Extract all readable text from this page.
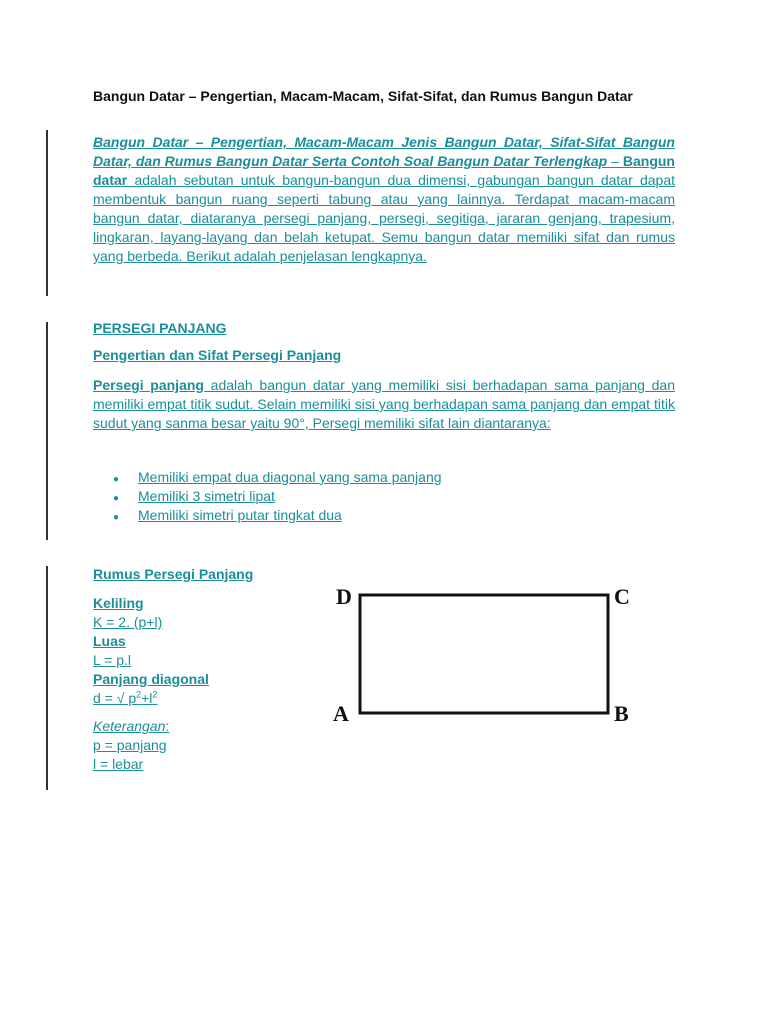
Bangun Datar – Pengertian, Macam-Macam, Sifat-Sifat, dan Rumus Bangun Datar
Bangun Datar – Pengertian, Macam-Macam Jenis Bangun Datar, Sifat-Sifat Bangun Datar, dan Rumus Bangun Datar Serta Contoh Soal Bangun Datar Terlengkap – Bangun datar adalah sebutan untuk bangun-bangun dua dimensi, gabungan bangun datar dapat membentuk bangun ruang seperti tabung atau yang lainnya. Terdapat macam-macam bangun datar, diataranya persegi panjang, persegi, segitiga, jararan genjang, trapesium, lingkaran, layang-layang dan belah ketupat. Semu bangun datar memiliki sifat dan rumus yang berbeda. Berikut adalah penjelasan lengkapnya.
PERSEGI PANJANG
Pengertian dan Sifat Persegi Panjang
Persegi panjang adalah bangun datar yang memiliki sisi berhadapan sama panjang dan memiliki empat titik sudut. Selain memiliki sisi yang berhadapan sama panjang dan empat titik sudut yang sanma besar yaitu 90°, Persegi memiliki sifat lain diantaranya:
● Memiliki empat dua diagonal yang sama panjang
● Memiliki 3 simetri lipat
● Memiliki simetri putar tingkat dua
Rumus Persegi Panjang
Keliling
K = 2. (p+l)
Luas
L = p.l
Panjang diagonal
d = √ $p^2+l^2$
Keterangan:
p = panjang
l = lebar
D	C
A	B
